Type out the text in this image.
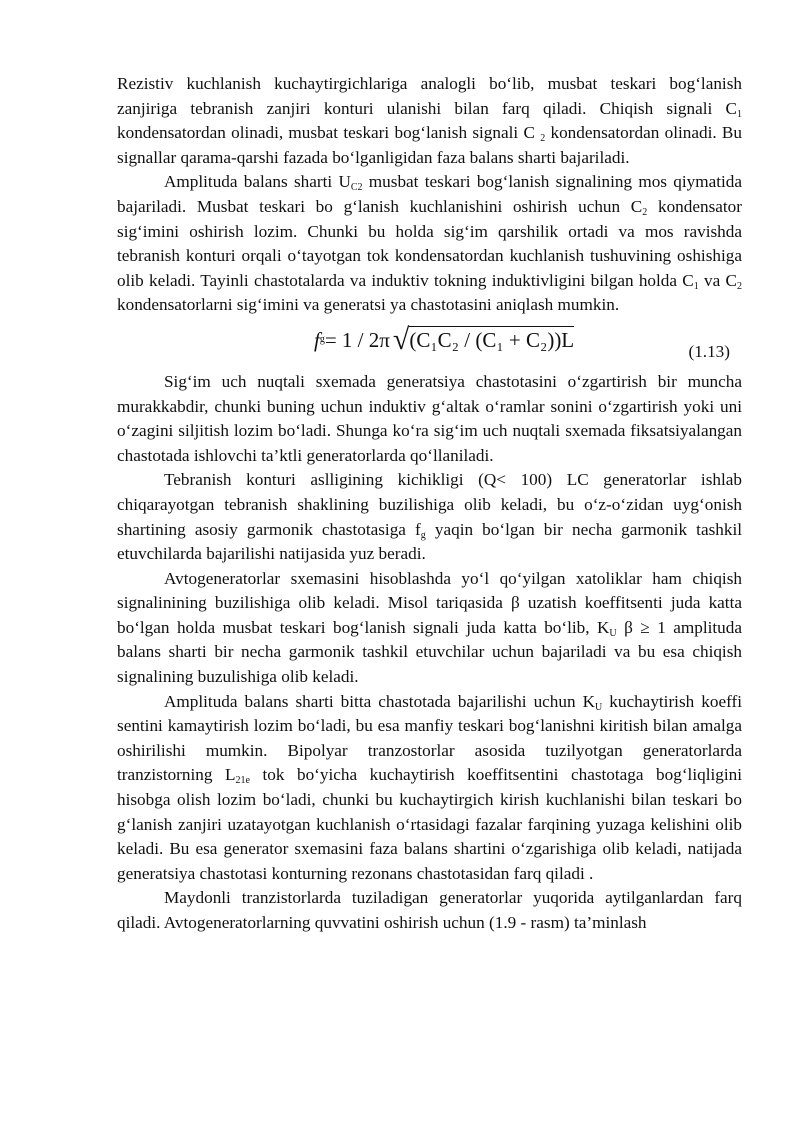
Rezistiv kuchlanish kuchaytirgichlariga analogli bo‘lib, musbat teskari bog‘lanish zanjiriga tebranish zanjiri konturi ulanishi bilan farq qiladi. Chiqish signali $C_1$ kondensatordan olinadi, musbat teskari bog‘lanish signali C $_2$ kondensatordan olinadi. Bu signallar qarama-qarshi fazada bo‘lganligidan faza balans sharti bajariladi.

Amplituda balans sharti $U_{C2}$ musbat teskari bog‘lanish signalining mos qiymatida bajariladi. Musbat teskari bo g‘lanish kuchlanishini oshirish uchun $C_2$ kondensator sig‘imini oshirish lozim. Chunki bu holda sig‘im qarshilik ortadi va mos ravishda tebranish konturi orqali o‘tayotgan tok kondensatordan kuchlanish tushuvining oshishiga olib keladi. Tayinli chastotalarda va induktiv tokning induktivligini bilgan holda $C_1$ va $C_2$ kondensatorlarni sig‘imini va generatsi ya chastotasini aniqlash mumkin.

f g = 1 / 2π √ (C₁C₂ / (C₁ + C₂))L	(1.13)

Sig‘im uch nuqtali sxemada generatsiya chastotasini o‘zgartirish bir muncha murakkabdir, chunki buning uchun induktiv g‘altak o‘ramlar sonini o‘zgartirish yoki uni o‘zagini siljitish lozim bo‘ladi. Shunga ko‘ra sig‘im uch nuqtali sxemada fiksatsiyalangan chastotada ishlovchi ta’ktli generatorlarda qo‘llaniladi.

Tebranish konturi aslligining kichikligi (Q< 100) LC generatorlar ishlab chiqarayotgan tebranish shaklining buzilishiga olib keladi, bu o‘z-o‘zidan uyg‘onish shartining asosiy garmonik chastotasiga $f_g$ yaqin bo‘lgan bir necha garmonik tashkil etuvchilarda bajarilishi natijasida yuz beradi.

Avtogeneratorlar sxemasini hisoblashda yo‘l qo‘yilgan xatoliklar ham chiqish signalinining buzilishiga olib keladi. Misol tariqasida β uzatish koeffitsenti juda katta bo‘lgan holda musbat teskari bog‘lanish signali juda katta bo‘lib, $K_U$ β ≥ 1 amplituda balans sharti bir necha garmonik tashkil etuvchilar uchun bajariladi va bu esa chiqish signalining buzulishiga olib keladi.

Amplituda balans sharti bitta chastotada bajarilishi uchun $K_U$ kuchaytirish koeffi sentini kamaytirish lozim bo‘ladi, bu esa manfiy teskari bog‘lanishni kiritish bilan amalga oshirilishi mumkin. Bipolyar tranzostorlar asosida tuzilyotgan generatorlarda tranzistorning $L_{21e}$ tok bo‘yicha kuchaytirish koeffitsentini chastotaga bog‘liqligini hisobga olish lozim bo‘ladi, chunki bu kuchaytirgich kirish kuchlanishi bilan teskari bo g‘lanish zanjiri uzatayotgan kuchlanish o‘rtasidagi fazalar farqining yuzaga kelishini olib keladi. Bu esa generator sxemasini faza balans shartini o‘zgarishiga olib keladi, natijada generatsiya chastotasi konturning rezonans chastotasidan farq qiladi .

Maydonli tranzistorlarda tuziladigan generatorlar yuqorida aytilganlardan farq qiladi. Avtogeneratorlarning quvvatini oshirish uchun (1.9 - rasm) ta’minlash
